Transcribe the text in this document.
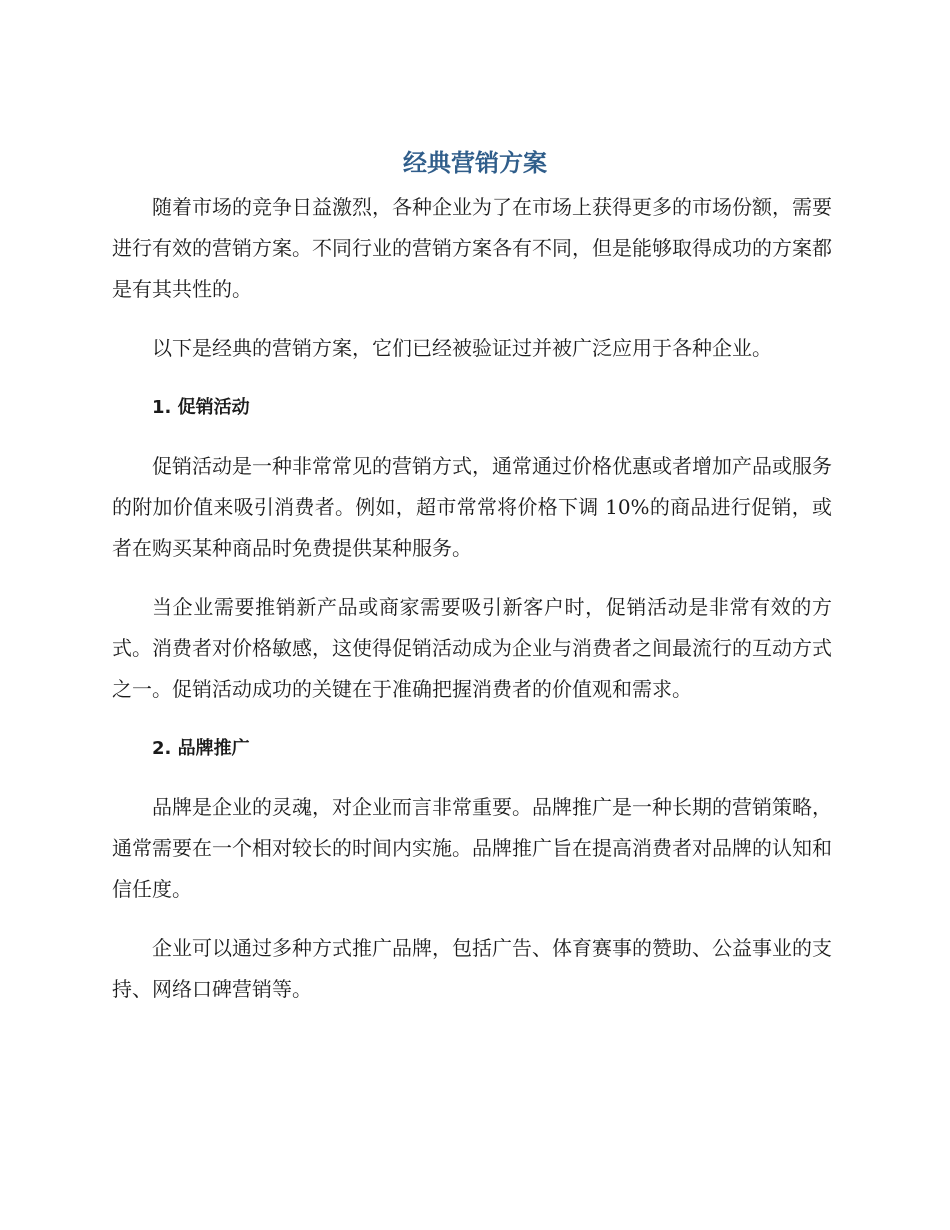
经典营销方案

随着市场的竞争日益激烈，各种企业为了在市场上获得更多的市场份额，需要进行有效的营销方案。不同行业的营销方案各有不同，但是能够取得成功的方案都是有其共性的。

以下是经典的营销方案，它们已经被验证过并被广泛应用于各种企业。

1. 促销活动

促销活动是一种非常常见的营销方式，通常通过价格优惠或者增加产品或服务的附加价值来吸引消费者。例如，超市常常将价格下调 10%的商品进行促销，或者在购买某种商品时免费提供某种服务。

当企业需要推销新产品或商家需要吸引新客户时，促销活动是非常有效的方式。消费者对价格敏感，这使得促销活动成为企业与消费者之间最流行的互动方式之一。促销活动成功的关键在于准确把握消费者的价值观和需求。

2. 品牌推广

品牌是企业的灵魂，对企业而言非常重要。品牌推广是一种长期的营销策略，通常需要在一个相对较长的时间内实施。品牌推广旨在提高消费者对品牌的认知和信任度。

企业可以通过多种方式推广品牌，包括广告、体育赛事的赞助、公益事业的支持、网络口碑营销等。
